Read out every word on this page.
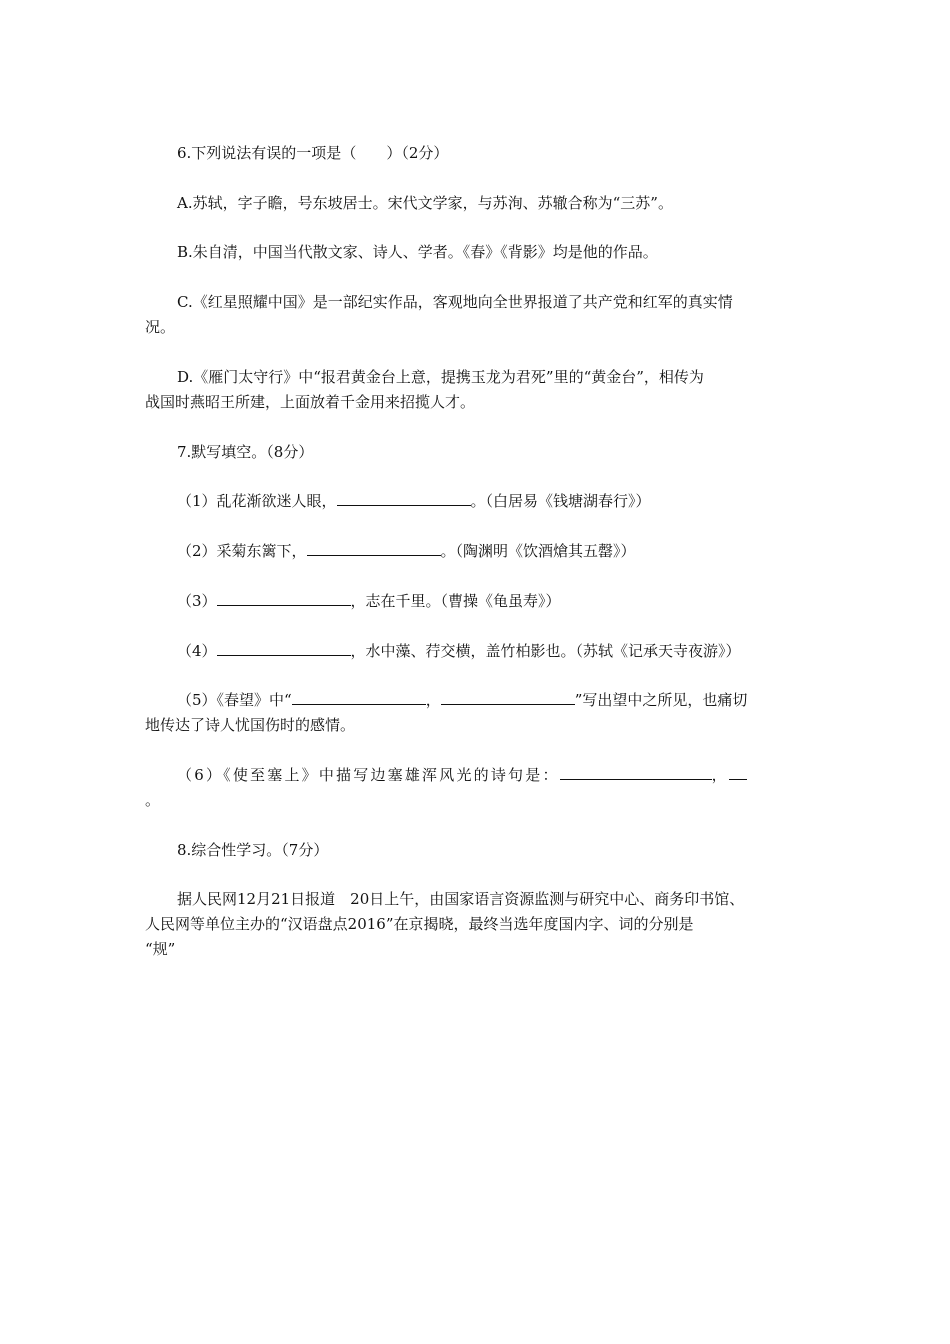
6.下列说法有误的一项是（　　）（2分）
A.苏轼，字子瞻，号东坡居士。宋代文学家，与苏洵、苏辙合称为“三苏”。
B.朱自清，中国当代散文家、诗人、学者。《春》《背影》均是他的作品。
C.《红星照耀中国》是一部纪实作品，客观地向全世界报道了共产党和红军的真实情
况。
D.《雁门太守行》中“报君黄金台上意，提携玉龙为君死”里的“黄金台”，相传为
战国时燕昭王所建，上面放着千金用来招揽人才。
7.默写填空。（8分）
（1）乱花渐欲迷人眼，	。（白居易《钱塘湖春行》）
（2）采菊东篱下，	。（陶渊明《饮酒熗其五罄》）
（3）	，志在千里。（曹操《龟虽寿》）
（4）	，水中藻、荇交横，盖竹柏影也。（苏轼《记承天寺夜游》）
（5）《春望》中“	，	”写出望中之所见，也痛切
地传达了诗人忧国伤时的感情。
（6）《使至塞上》中描写边塞雄浑风光的诗句是：	，
。
8.综合性学习。（7分）
据人民网12月21日报道　20日上午，由国家语言资源监测与研究中心、商务印书馆、
人民网等单位主办的“汉语盘点2016”在京揭晓，最终当选年度国内字、词的分别是
“规”
